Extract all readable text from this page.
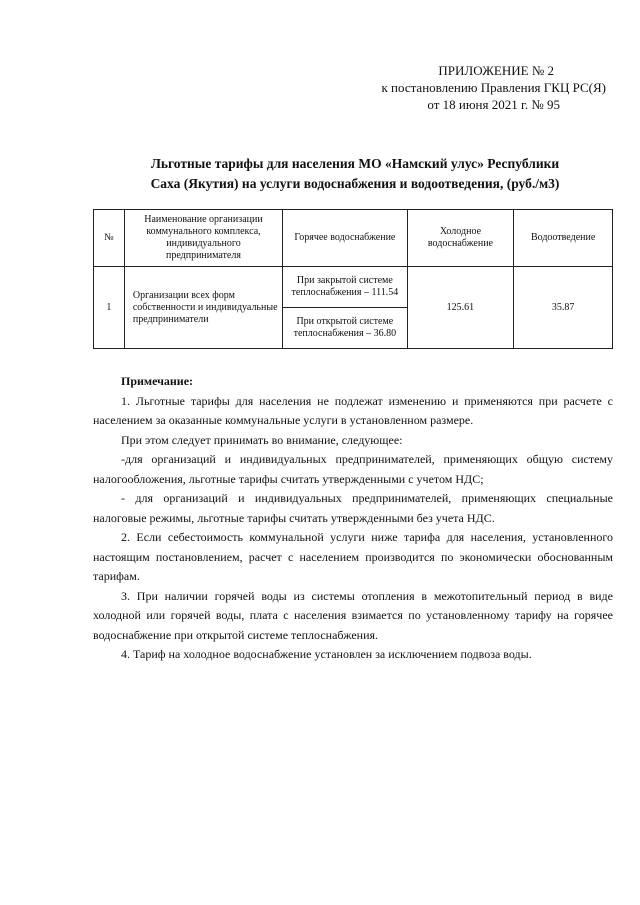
ПРИЛОЖЕНИЕ № 2
к постановлению Правления ГКЦ РС(Я)
от 18 июня 2021 г. № 95
Льготные тарифы для населения МО «Намский улус» Республики
Саха (Якутия) на услуги водоснабжения и водоотведения, (руб./м3)
№	Наименование организации коммунального комплекса, индивидуального предпринимателя	Горячее водоснабжение	Холодное водоснабжение	Водоотведение
1	Организации всех форм собственности и индивидуальные предприниматели	При закрытой системе теплоснабжения – 111.54	125.61	35.87
		При открытой системе теплоснабжения – 36.80		
Примечание:

1. Льготные тарифы для населения не подлежат изменению и применяются при расчете с населением за оказанные коммунальные услуги в установленном размере.

При этом следует принимать во внимание, следующее:

-для организаций и индивидуальных предпринимателей, применяющих общую систему налогообложения, льготные тарифы считать утвержденными с учетом НДС;

- для организаций и индивидуальных предпринимателей, применяющих специальные налоговые режимы, льготные тарифы считать утвержденными без учета НДС.

2. Если себестоимость коммунальной услуги ниже тарифа для населения, установленного настоящим постановлением, расчет с населением производится по экономически обоснованным тарифам.

3. При наличии горячей воды из системы отопления в межотопительный период в виде холодной или горячей воды, плата с населения взимается по установленному тарифу на горячее водоснабжение при открытой системе теплоснабжения.

4. Тариф на холодное водоснабжение установлен за исключением подвоза воды.
